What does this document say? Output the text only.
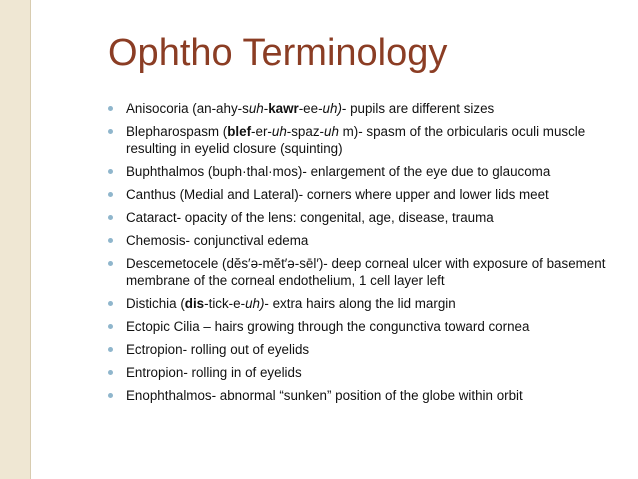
Ophtho Terminology
Anisocoria (an-ahy-suh-kawr-ee-uh)- pupils are different sizes
Blepharospasm (blef-er-uh-spaz-uh m)- spasm of the orbicularis oculi muscle resulting in eyelid closure (squinting)
Buphthalmos (buph·thal·mos)- enlargement of the eye due to glaucoma
Canthus (Medial and Lateral)- corners where upper and lower lids meet
Cataract- opacity of the lens: congenital, age, disease, trauma
Chemosis- conjunctival edema
Descemetocele (dĕs′ə-mĕt′ə-sēl′)- deep corneal ulcer with exposure of basement membrane of the corneal endothelium, 1 cell layer left
Distichia (dis-tick-e-uh)- extra hairs along the lid margin
Ectopic Cilia – hairs growing through the congunctiva toward cornea
Ectropion- rolling out of eyelids
Entropion- rolling in of eyelids
Enophthalmos- abnormal “sunken” position of the globe within orbit
